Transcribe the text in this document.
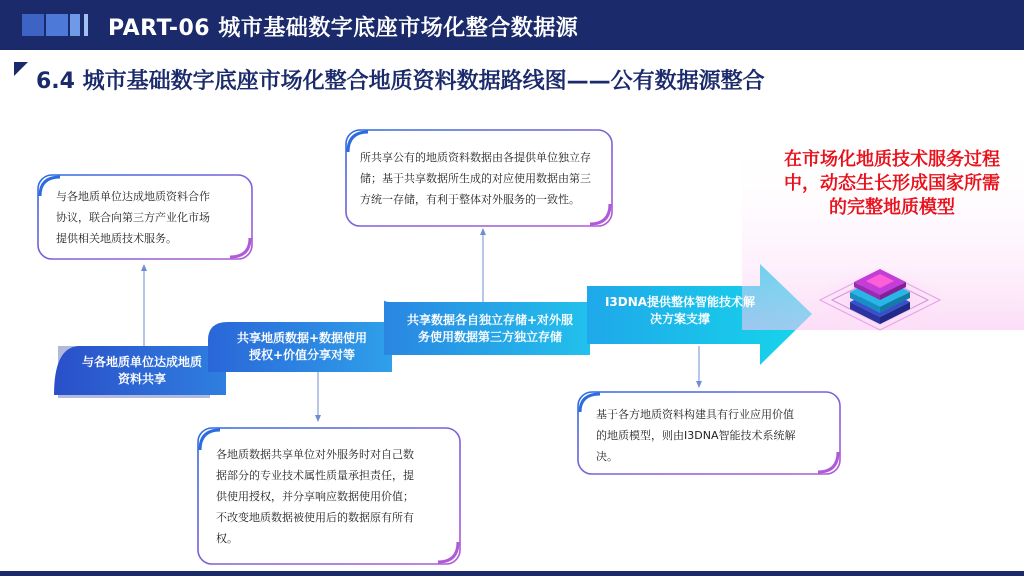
PART-06 城市基础数字底座市场化整合数据源
6.4 城市基础数字底座市场化整合地质资料数据路线图——公有数据源整合
与各地质单位达成地质
资料共享
共享地质数据+数据使用
授权+价值分享对等
共享数据各自独立存储+对外服
务使用数据第三方独立存储
I3DNA提供整体智能技术解
决方案支撑
与各地质单位达成地质资料合作
协议，联合向第三方产业化市场
提供相关地质技术服务。
各地质数据共享单位对外服务时对自己数
据部分的专业技术属性质量承担责任，提
供使用授权，并分享响应数据使用价值；
不改变地质数据被使用后的数据原有所有
权。
所共享公有的地质资料数据由各提供单位独立存
储；基于共享数据所生成的对应使用数据由第三
方统一存储，有利于整体对外服务的一致性。
基于各方地质资料构建具有行业应用价值
的地质模型，则由I3DNA智能技术系统解
决。
在市场化地质技术服务过程
中，动态生长形成国家所需
的完整地质模型
